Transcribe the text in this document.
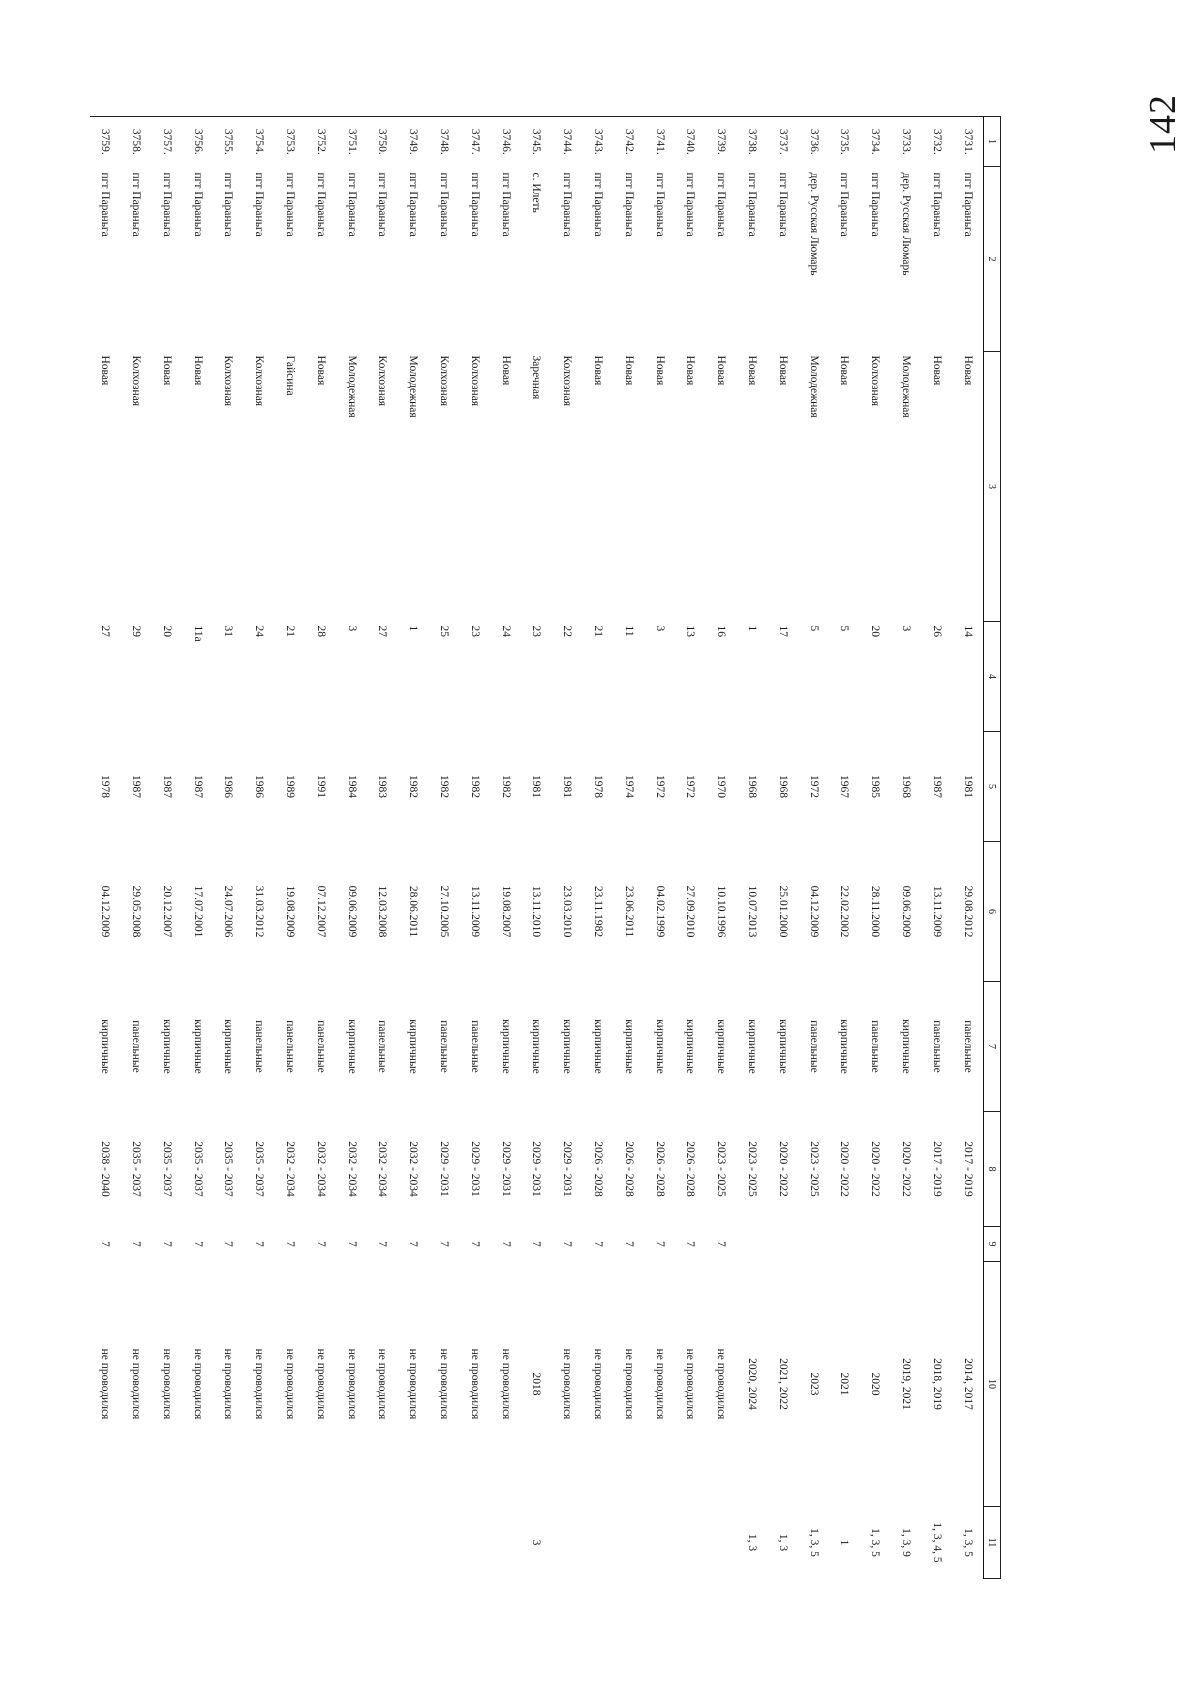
142
1	2	3	4	5	6	7	8	9	10	11
3731.	пгт Параньга	Новая	14	1981	29.08.2012	панельные	2017 - 2019		2014, 2017	1, 3, 5
3732.	пгт Параньга	Новая	26	1987	13.11.2009	панельные	2017 - 2019		2018, 2019	1, 3, 4, 5
3733.	дер. Русская Люмарь	Молодежная	3	1968	09.06.2009	кирпичные	2020 - 2022		2019, 2021	1, 3, 9
3734.	пгт Параньга	Колхозная	20	1985	28.11.2000	панельные	2020 - 2022		2020	1, 3, 5
3735.	пгт Параньга	Новая	5	1967	22.02.2002	кирпичные	2020 - 2022		2021	1
3736.	дер. Русская Люмарь	Молодежная	5	1972	04.12.2009	панельные	2023 - 2025		2023	1, 3, 5
3737.	пгт Параньга	Новая	17	1968	25.01.2000	кирпичные	2020 - 2022		2021, 2022	1, 3
3738.	пгт Параньга	Новая	1	1968	10.07.2013	кирпичные	2023 - 2025		2020, 2024	1, 3
3739.	пгт Параньга	Новая	16	1970	10.10.1996	кирпичные	2023 - 2025	7	не проводился	
3740.	пгт Параньга	Новая	13	1972	27.09.2010	кирпичные	2026 - 2028	7	не проводился	
3741.	пгт Параньга	Новая	3	1972	04.02.1999	кирпичные	2026 - 2028	7	не проводился	
3742.	пгт Параньга	Новая	11	1974	23.06.2011	кирпичные	2026 - 2028	7	не проводился	
3743.	пгт Параньга	Новая	21	1978	23.11.1982	кирпичные	2026 - 2028	7	не проводился	
3744.	пгт Параньга	Колхозная	22	1981	23.03.2010	кирпичные	2029 - 2031	7	не проводился	
3745.	с. Илеть	Заречная	23	1981	13.11.2010	кирпичные	2029 - 2031	7	2018	3
3746.	пгт Параньга	Новая	24	1982	19.08.2007	кирпичные	2029 - 2031	7	не проводился	
3747.	пгт Параньга	Колхозная	23	1982	13.11.2009	панельные	2029 - 2031	7	не проводился	
3748.	пгт Параньга	Колхозная	25	1982	27.10.2005	панельные	2029 - 2031	7	не проводился	
3749.	пгт Параньга	Молодежная	1	1982	28.06.2011	кирпичные	2032 - 2034	7	не проводился	
3750.	пгт Параньга	Колхозная	27	1983	12.03.2008	панельные	2032 - 2034	7	не проводился	
3751.	пгт Параньга	Молодежная	3	1984	09.06.2009	кирпичные	2032 - 2034	7	не проводился	
3752.	пгт Параньга	Новая	28	1991	07.12.2007	панельные	2032 - 2034	7	не проводился	
3753.	пгт Параньга	Гайсина	21	1989	19.08.2009	панельные	2032 - 2034	7	не проводился	
3754.	пгт Параньга	Колхозная	24	1986	31.03.2012	панельные	2035 - 2037	7	не проводился	
3755.	пгт Параньга	Колхозная	31	1986	24.07.2006	кирпичные	2035 - 2037	7	не проводился	
3756.	пгт Параньга	Новая	11а	1987	17.07.2001	кирпичные	2035 - 2037	7	не проводился	
3757.	пгт Параньга	Новая	20	1987	20.12.2007	кирпичные	2035 - 2037	7	не проводился	
3758.	пгт Параньга	Колхозная	29	1987	29.05.2008	панельные	2035 - 2037	7	не проводился	
3759.	пгт Параньга	Новая	27	1978	04.12.2009	кирпичные	2038 - 2040	7	не проводился	
